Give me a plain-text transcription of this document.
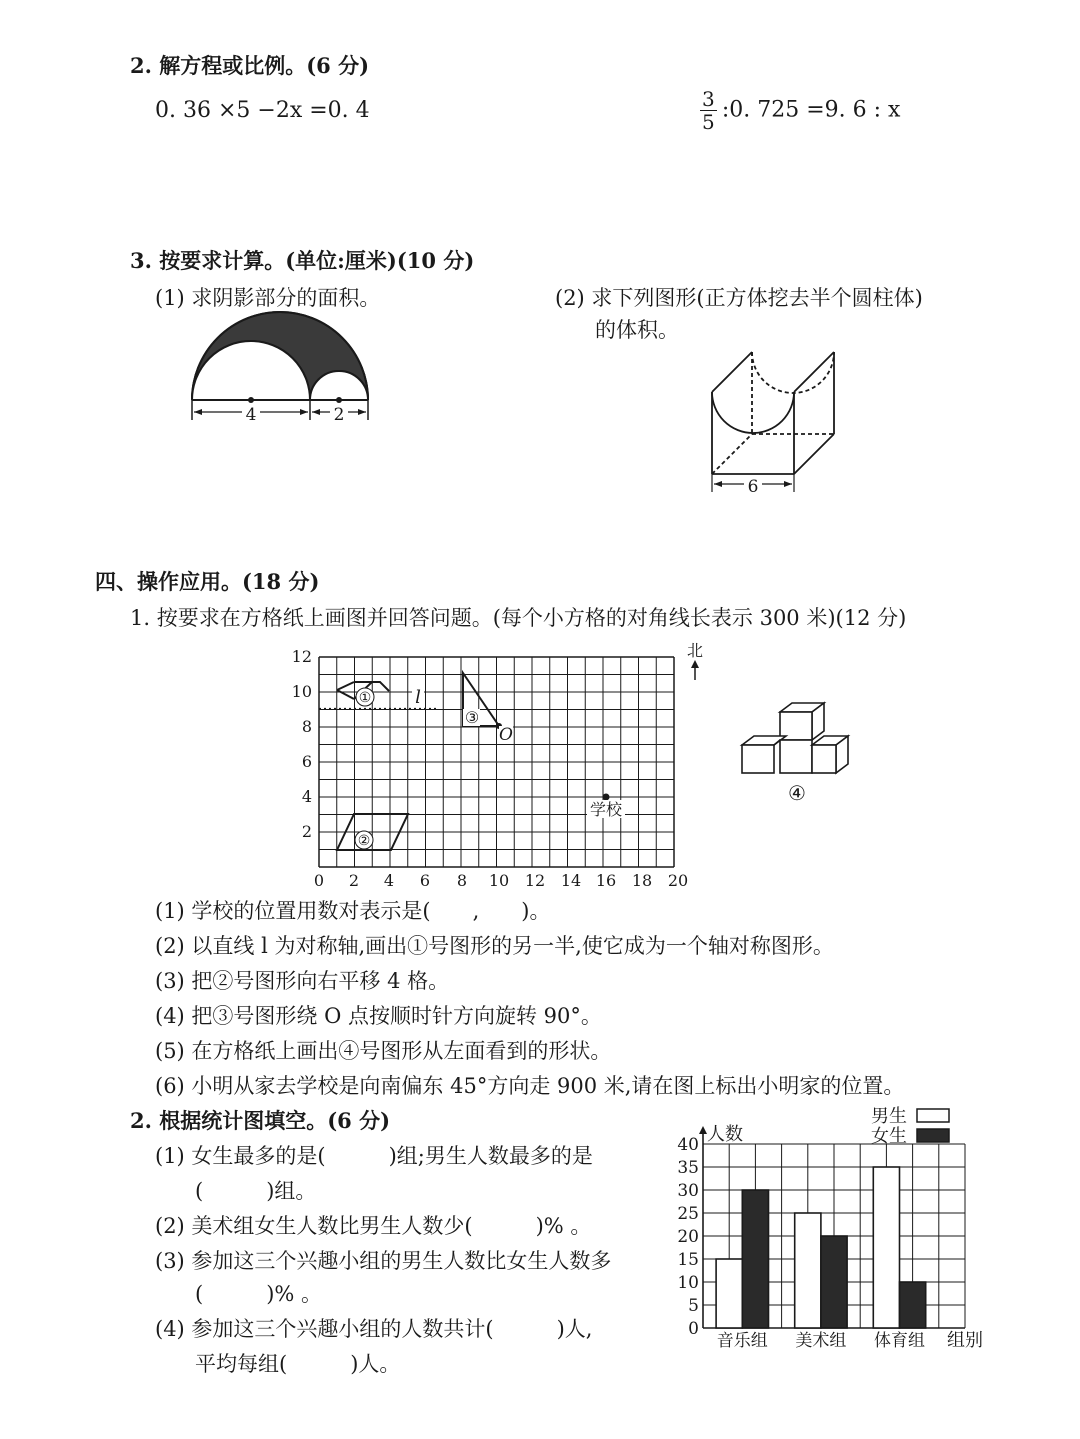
2. 解方程或比例。(6 分)
0. 36 ×5 −2x =0. 4	$\frac{3}{5}$ :0. 725 =9. 6 : x
3. 按要求计算。(单位:厘米)(10 分)
(1) 求阴影部分的面积。	(2) 求下列图形(正方体挖去半个圆柱体)
的体积。
4	2
6
四、操作应用。(18 分)
1. 按要求在方格纸上画图并回答问题。(每个小方格的对角线长表示 300 米)(12 分)
2
4
6
8
10
12
0 2 4 6 8 10 12 14 16 18 20
l
①
③
O
②
学校
北
④
(1) 学校的位置用数对表示是(　　,　　)。
(2) 以直线 l 为对称轴,画出①号图形的另一半,使它成为一个轴对称图形。
(3) 把②号图形向右平移 4 格。
(4) 把③号图形绕 O 点按顺时针方向旋转 90°。
(5) 在方格纸上画出④号图形从左面看到的形状。
(6) 小明从家去学校是向南偏东 45°方向走 900 米,请在图上标出小明家的位置。
2. 根据统计图填空。(6 分)
(1) 女生最多的是(　　　)组;男生人数最多的是
(　　　)组。
(2) 美术组女生人数比男生人数少(　　　)% 。
(3) 参加这三个兴趣小组的男生人数比女生人数多
(　　　)% 。
(4) 参加这三个兴趣小组的人数共计(　　　)人,
平均每组(　　　)人。
0
5
10
15
20
25
30
35
40
音乐组 美术组 体育组
人数
组别
男生
女生
